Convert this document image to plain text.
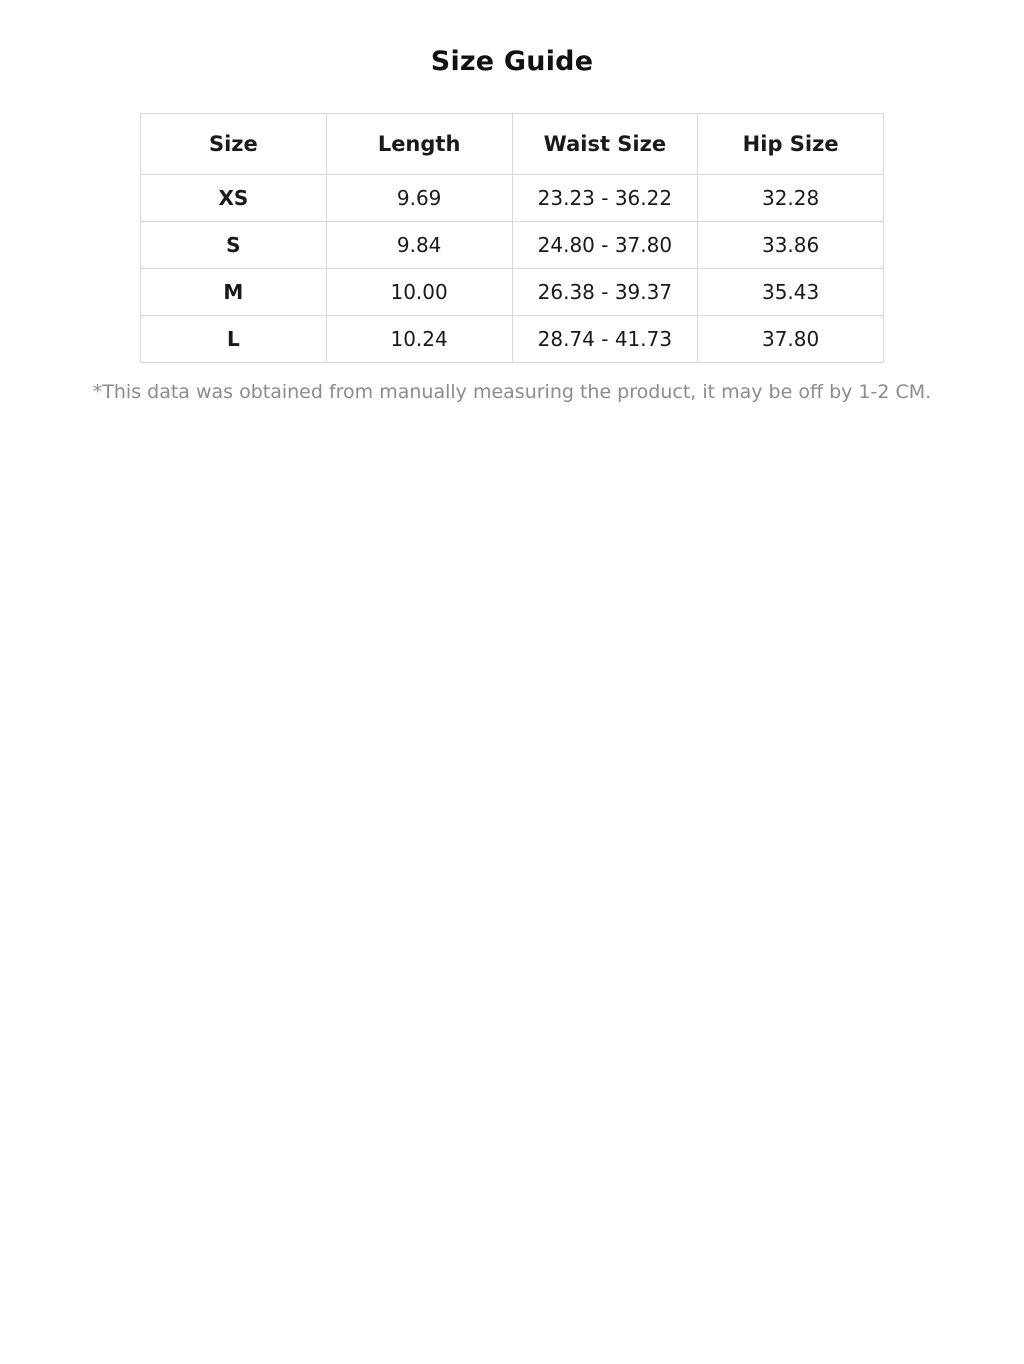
Size Guide
Size	Length	Waist Size	Hip Size
XS	9.69	23.23 - 36.22	32.28
S	9.84	24.80 - 37.80	33.86
M	10.00	26.38 - 39.37	35.43
L	10.24	28.74 - 41.73	37.80
*This data was obtained from manually measuring the product, it may be off by 1-2 CM.
